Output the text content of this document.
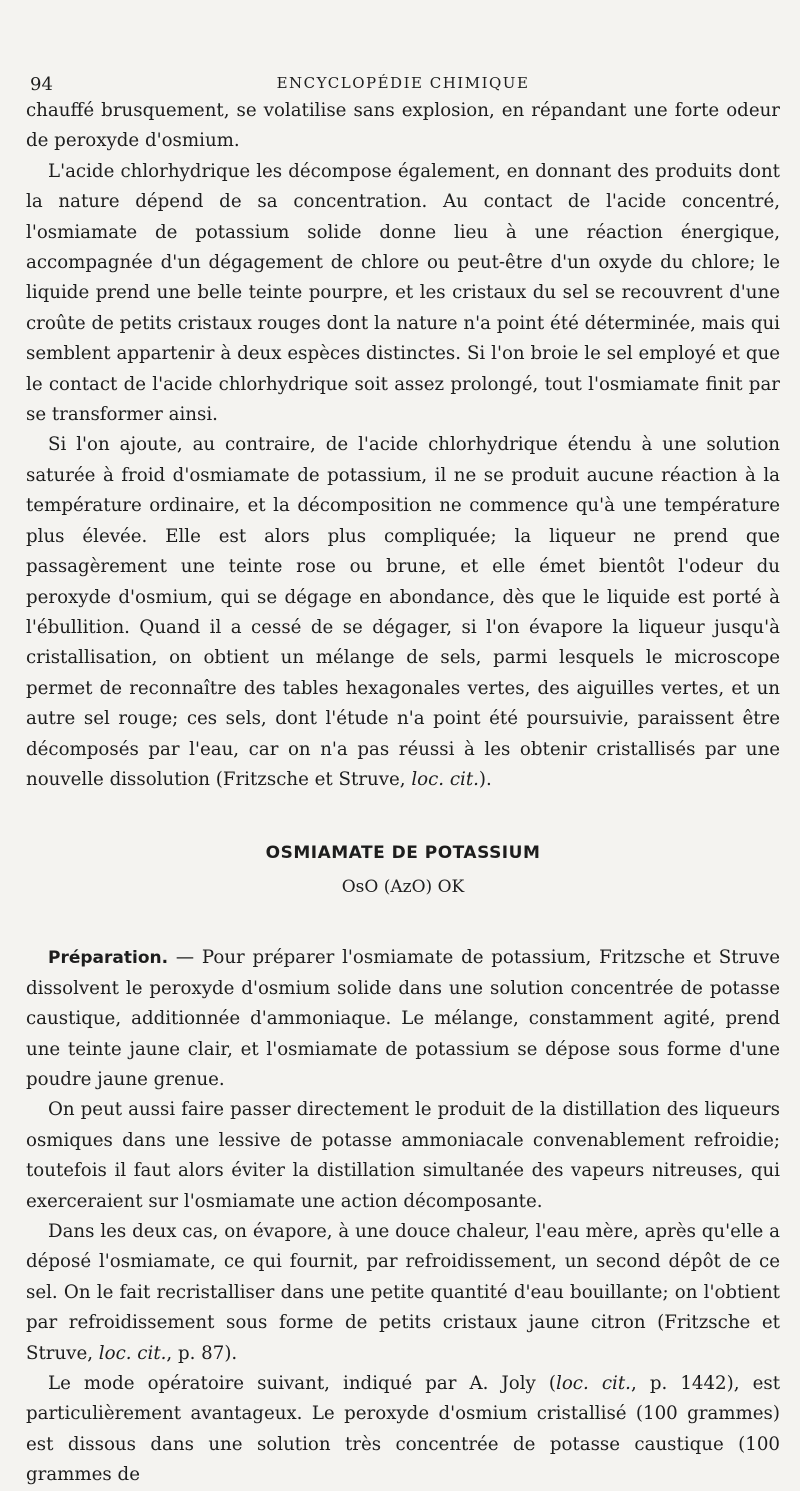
94	ENCYCLOPÉDIE CHIMIQUE

chauffé brusquement, se volatilise sans explosion, en répandant une forte odeur de peroxyde d'osmium.

L'acide chlorhydrique les décompose également, en donnant des produits dont la nature dépend de sa concentration. Au contact de l'acide concentré, l'osmiamate de potassium solide donne lieu à une réaction énergique, accompagnée d'un dégagement de chlore ou peut-être d'un oxyde du chlore; le liquide prend une belle teinte pourpre, et les cristaux du sel se recouvrent d'une croûte de petits cristaux rouges dont la nature n'a point été déterminée, mais qui semblent appartenir à deux espèces distinctes. Si l'on broie le sel employé et que le contact de l'acide chlorhydrique soit assez prolongé, tout l'osmiamate finit par se transformer ainsi.

Si l'on ajoute, au contraire, de l'acide chlorhydrique étendu à une solution saturée à froid d'osmiamate de potassium, il ne se produit aucune réaction à la température ordinaire, et la décomposition ne commence qu'à une température plus élevée. Elle est alors plus compliquée; la liqueur ne prend que passagèrement une teinte rose ou brune, et elle émet bientôt l'odeur du peroxyde d'osmium, qui se dégage en abondance, dès que le liquide est porté à l'ébullition. Quand il a cessé de se dégager, si l'on évapore la liqueur jusqu'à cristallisation, on obtient un mélange de sels, parmi lesquels le microscope permet de reconnaître des tables hexagonales vertes, des aiguilles vertes, et un autre sel rouge; ces sels, dont l'étude n'a point été poursuivie, paraissent être décomposés par l'eau, car on n'a pas réussi à les obtenir cristallisés par une nouvelle dissolution (Fritzsche et Struve, loc. cit.).

OSMIAMATE DE POTASSIUM
OsO (AzO) OK

Préparation. — Pour préparer l'osmiamate de potassium, Fritzsche et Struve dissolvent le peroxyde d'osmium solide dans une solution concentrée de potasse caustique, additionnée d'ammoniaque. Le mélange, constamment agité, prend une teinte jaune clair, et l'osmiamate de potassium se dépose sous forme d'une poudre jaune grenue.

On peut aussi faire passer directement le produit de la distillation des liqueurs osmiques dans une lessive de potasse ammoniacale convenablement refroidie; toutefois il faut alors éviter la distillation simultanée des vapeurs nitreuses, qui exerceraient sur l'osmiamate une action décomposante.

Dans les deux cas, on évapore, à une douce chaleur, l'eau mère, après qu'elle a déposé l'osmiamate, ce qui fournit, par refroidissement, un second dépôt de ce sel. On le fait recristalliser dans une petite quantité d'eau bouillante; on l'obtient par refroidissement sous forme de petits cristaux jaune citron (Fritzsche et Struve, loc. cit., p. 87).

Le mode opératoire suivant, indiqué par A. Joly (loc. cit., p. 1442), est particulièrement avantageux. Le peroxyde d'osmium cristallisé (100 grammes) est dissous dans une solution très concentrée de potasse caustique (100 grammes de
